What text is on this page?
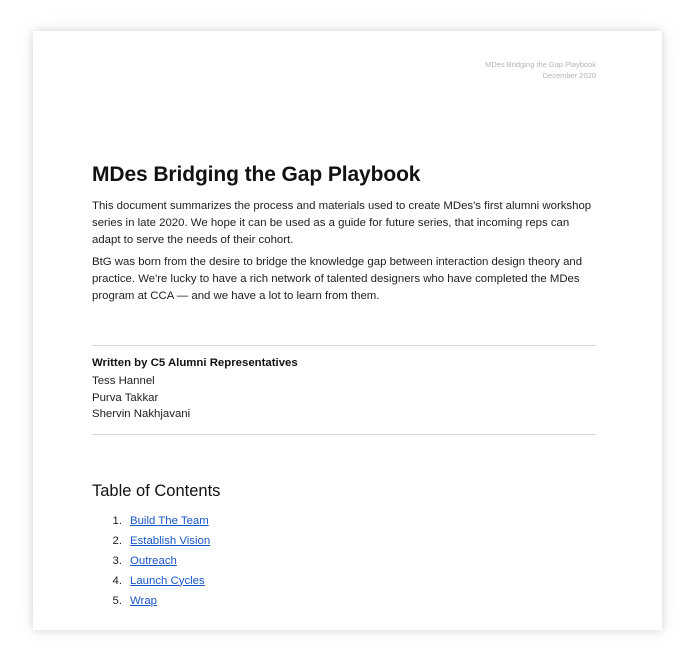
MDes Bridging the Gap Playbook
December 2020
MDes Bridging the Gap Playbook

This document summarizes the process and materials used to create MDes's first alumni workshop series in late 2020. We hope it can be used as a guide for future series, that incoming reps can adapt to serve the needs of their cohort.

BtG was born from the desire to bridge the knowledge gap between interaction design theory and practice. We're lucky to have a rich network of talented designers who have completed the MDes program at CCA — and we have a lot to learn from them.

Written by C5 Alumni Representatives
Tess Hannel
Purva Takkar
Shervin Nakhjavani
Table of Contents
1. Build The Team
2. Establish Vision
3. Outreach
4. Launch Cycles
5. Wrap
